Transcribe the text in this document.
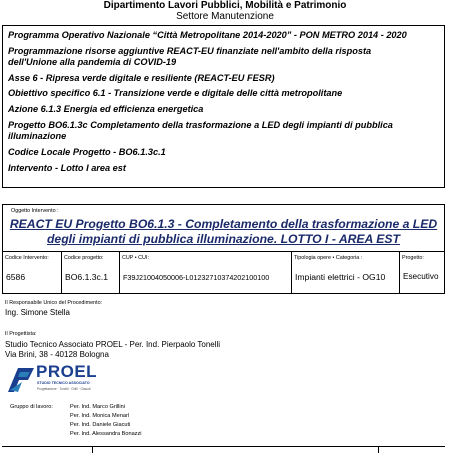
Dipartimento Lavori Pubblici, Mobilità e Patrimonio
Settore Manutenzione
Programma Operativo Nazionale “Città Metropolitane 2014-2020” - PON METRO 2014 - 2020
Programmazione risorse aggiuntive REACT-EU finanziate nell'ambito della risposta
dell'Unione alla pandemia di COVID-19
Asse 6 - Ripresa verde digitale e resiliente (REACT-EU FESR)
Obiettivo specifico 6.1 - Transizione verde e digitale delle città metropolitane
Azione 6.1.3 Energia ed efficienza energetica
Progetto BO6.1.3c Completamento della trasformazione a LED degli impianti di pubblica
illuminazione
Codice Locale Progetto - BO6.1.3c.1
Intervento - Lotto I area est
Oggetto Intervento :
REACT EU Progetto BO6.1.3 - Completamento della trasformazione a LED
degli impianti di pubblica illuminazione. LOTTO I - AREA EST
Codice Intervento:
6586
Codice progetto:
BO6.1.3c.1
CUP • CUI:
F39J21004050006-L01232710374202100100
Tipologia opere • Categoria :
Impianti elettrici - OG10
Progetto:
Esecutivo
Il Responsabile Unico del Procedimento:
Ing. Simone Stella
Il Progettista:
Studio Tecnico Associato PROEL - Per. Ind. Pierpaolo Tonelli
Via Brini, 38 - 40128 Bologna
PROEL
STUDIO TECNICO ASSOCIATO
Progettazione · Tonelli · Grilli · Giacuti
Gruppo di lavoro:	Per. Ind. Marco Grillini
Per. Ind. Monica Menarl
Per. Ind. Daniele Giacuti
Per. Ind. Alessandra Bonazzi
